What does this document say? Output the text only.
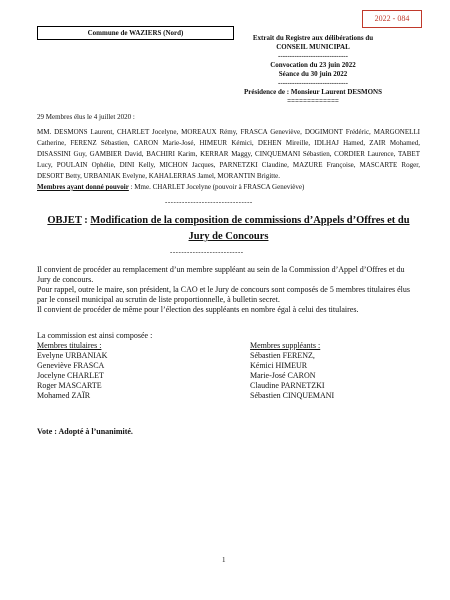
2022 - 084
Commune de WAZIERS (Nord)
Extrait du Registre aux délibérations du
CONSEIL MUNICIPAL
------------------------------
Convocation du 23 juin 2022
Séance du 30 juin 2022
------------------------------
Présidence de : Monsieur Laurent DESMONS
=============
29 Membres élus le 4 juillet 2020 :
MM. DESMONS Laurent, CHARLET Jocelyne, MOREAUX Rémy, FRASCA Geneviève, DOGIMONT Frédéric, MARGONELLI Catherine, FERENZ Sébastien, CARON Marie-José, HIMEUR Kémici, DEHEN Mireille, IDLHAJ Hamed, ZAIR Mohamed, DISASSINI Guy, GAMBIER David, BACHIRI Karim, KERRAR Maggy, CINQUEMANI Sébastien, CORDIER Laurence, TABET Lucy, POULAIN Ophélie, DINI Kelly, MICHON Jacques, PARNETZKI Claudine, MAZURE Françoise, MASCARTE Roger, DESORT Betty, URBANIAK Evelyne, KAHALERRAS Jamel, MORANTIN Brigitte.
Membres ayant donné pouvoir : Mme. CHARLET Jocelyne (pouvoir à FRASCA Geneviève)
-------------------------------
OBJET : Modification de la composition de commissions d’Appels d’Offres et du
Jury de Concours
--------------------------

Il convient de procéder au remplacement d’un membre suppléant au sein de la Commission d’Appel d’Offres et du Jury de concours.

Pour rappel, outre le maire, son président, la CAO et le Jury de concours sont composés de 5 membres titulaires élus par le conseil municipal au scrutin de liste proportionnelle, à bulletin secret.

Il convient de procéder de même pour l’élection des suppléants en nombre égal à celui des titulaires.

La commission est ainsi composée :
Membres titulaires :
Evelyne URBANIAK
Geneviève FRASCA
Jocelyne CHARLET
Roger MASCARTE
Mohamed ZAÏR
Membres suppléants :
Sébastien FERENZ,
Kémici HIMEUR
Marie-José CARON
Claudine PARNETZKI
Sébastien CINQUEMANI
Vote : Adopté à l’unanimité.
1
